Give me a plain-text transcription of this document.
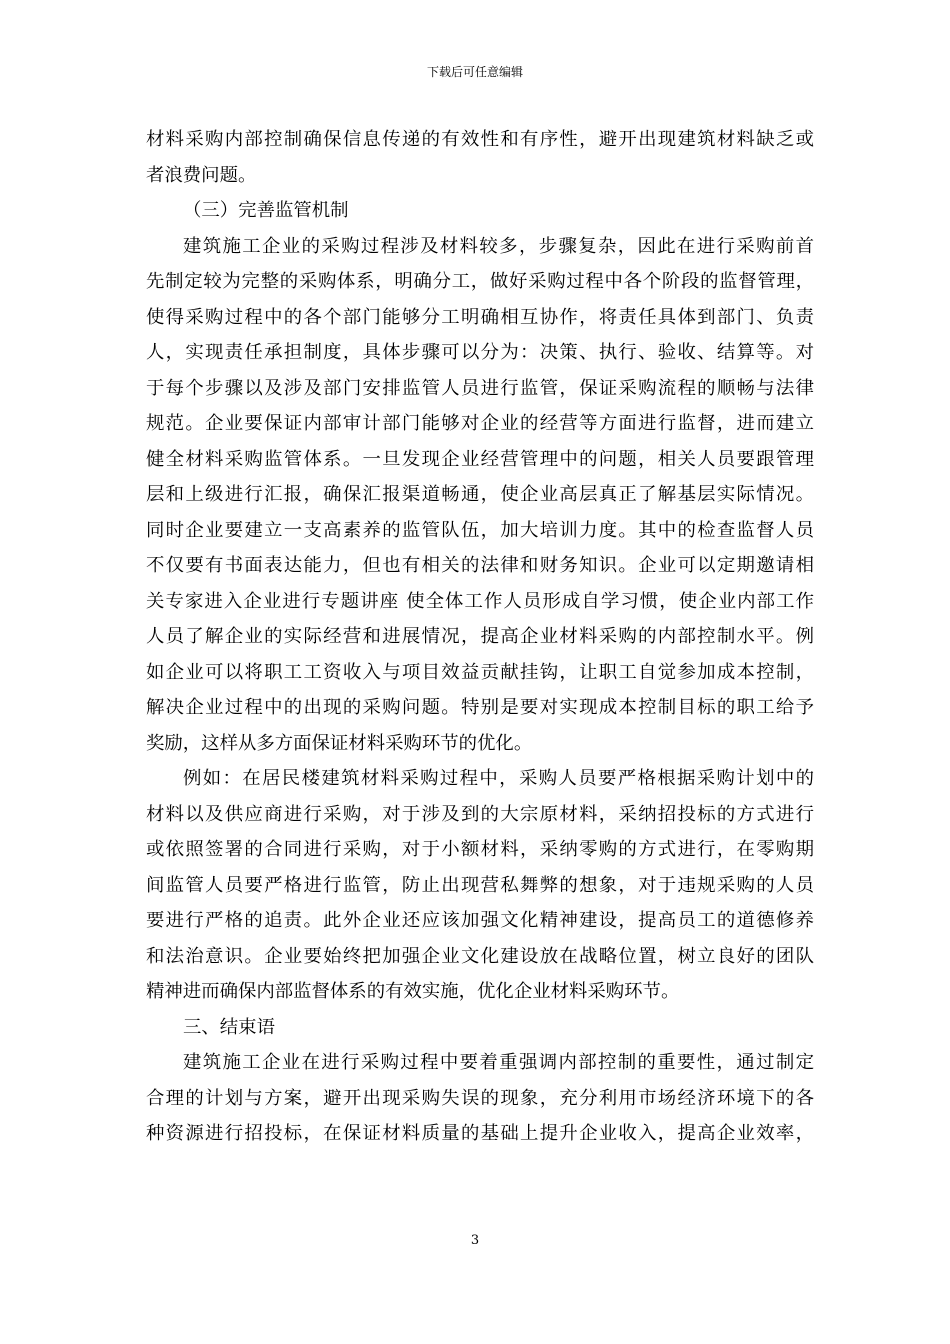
下载后可任意编辑
材料采购内部控制确保信息传递的有效性和有序性，避开出现建筑材料缺乏或
者浪费问题。
（三）完善监管机制
建筑施工企业的采购过程涉及材料较多，步骤复杂，因此在进行采购前首
先制定较为完整的采购体系，明确分工，做好采购过程中各个阶段的监督管理，
使得采购过程中的各个部门能够分工明确相互协作，将责任具体到部门、负责
人，实现责任承担制度，具体步骤可以分为：决策、执行、验收、结算等。对
于每个步骤以及涉及部门安排监管人员进行监管，保证采购流程的顺畅与法律
规范。企业要保证内部审计部门能够对企业的经营等方面进行监督，进而建立
健全材料采购监管体系。一旦发现企业经营管理中的问题，相关人员要跟管理
层和上级进行汇报，确保汇报渠道畅通，使企业高层真正了解基层实际情况。
同时企业要建立一支高素养的监管队伍，加大培训力度。其中的检查监督人员
不仅要有书面表达能力，但也有相关的法律和财务知识。企业可以定期邀请相
关专家进入企业进行专题讲座 使全体工作人员形成自学习惯，使企业内部工作
人员了解企业的实际经营和进展情况，提高企业材料采购的内部控制水平。例
如企业可以将职工工资收入与项目效益贡献挂钩，让职工自觉参加成本控制，
解决企业过程中的出现的采购问题。特别是要对实现成本控制目标的职工给予
奖励，这样从多方面保证材料采购环节的优化。
例如：在居民楼建筑材料采购过程中，采购人员要严格根据采购计划中的
材料以及供应商进行采购，对于涉及到的大宗原材料，采纳招投标的方式进行
或依照签署的合同进行采购，对于小额材料，采纳零购的方式进行，在零购期
间监管人员要严格进行监管，防止出现营私舞弊的想象，对于违规采购的人员
要进行严格的追责。此外企业还应该加强文化精神建设，提高员工的道德修养
和法治意识。企业要始终把加强企业文化建设放在战略位置，树立良好的团队
精神进而确保内部监督体系的有效实施，优化企业材料采购环节。
三、结束语
建筑施工企业在进行采购过程中要着重强调内部控制的重要性，通过制定
合理的计划与方案，避开出现采购失误的现象，充分利用市场经济环境下的各
种资源进行招投标，在保证材料质量的基础上提升企业收入，提高企业效率，
3
